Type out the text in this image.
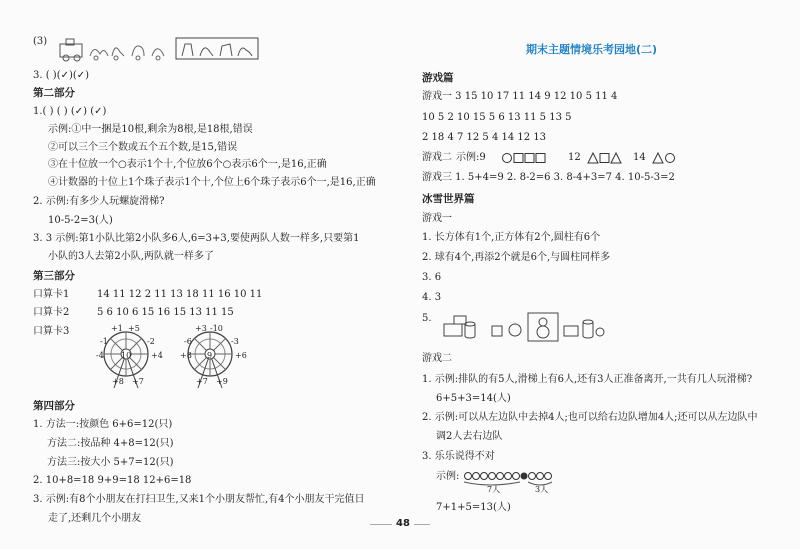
(3)
3. ( )(✓)(✓)
第二部分
1.( ) ( ) (✓) (✓)
示例:①中一捆是10根,剩余为8根,是18根,错误
②可以三个三个数或五个五个数,是15,错误
③在十位放一个○表示1个十,个位放6个○表示6个一,是16,正确
④计数器的十位上1个珠子表示1个十,个位上6个珠子表示6个一,是16,正确
2. 示例:有多少人玩螺旋滑梯?
10-5-2=3(人)
3. 3 示例:第1小队比第2小队多6人,6=3+3,要使两队人数一样多,只要第1
小队的3人去第2小队,两队就一样多了
第三部分
口算卡1	14 11 12 2 11 13 18 11 16 10 11
口算卡2	5 6 10 6 15 16 15 13 11 15
口算卡3	+1 +5
-1	-2
-4	+4
+8 +7
10
+3 -10
-6	-3
+8	+6
+7 +9
9
第四部分
1. 方法一:按颜色 6+6=12(只)
方法二:按品种 4+8=12(只)
方法三:按大小 5+7=12(只)
2. 10+8=18 9+9=18 12+6=18
3. 示例:有8个小朋友在打扫卫生,又来1个小朋友帮忙,有4个小朋友干完值日
走了,还剩几个小朋友	48
期末主题情境乐考园地(二)
游戏篇
游戏一 3 15 10 17 11 14 9 12 10 5 11 4
10 5 2 10 15 5 6 13 11 5 13 5
2 18 4 7 12 5 4 14 12 13
游戏二 示例:9	12	14
游戏三 1. 5+4=9 2. 8-2=6 3. 8-4+3=7 4. 10-5-3=2
冰雪世界篇
游戏一
1. 长方体有1个,正方体有2个,圆柱有6个
2. 球有4个,再添2个就是6个,与圆柱同样多
3. 6
4. 3
5.
游戏二
1. 示例:排队的有5人,滑梯上有6人,还有3人正准备离开,一共有几人玩滑梯?
6+5+3=14(人)
2. 示例:可以从左边队中去掉4人;也可以给右边队增加4人;还可以从左边队中
调2人去右边队
3. 乐乐说得不对
示例:
7人	3人
7+1+5=13(人)
